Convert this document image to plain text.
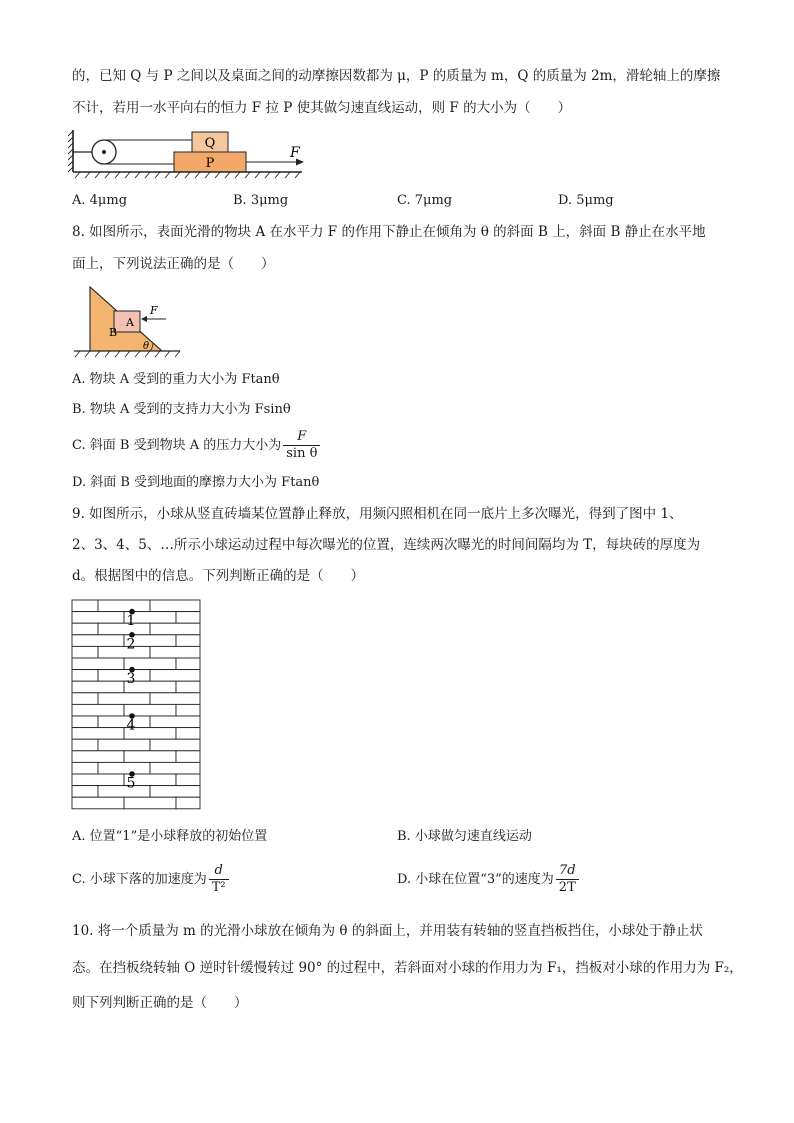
的，已知 Q 与 P 之间以及桌面之间的动摩擦因数都为 μ，P 的质量为 m，Q 的质量为 2m，滑轮轴上的摩擦
不计，若用一水平向右的恒力 F 拉 P 使其做匀速直线运动，则 F 的大小为（　　）
Q
P
F
A. 4μmg	B. 3μmg	C. 7μmg	D. 5μmg
8. 如图所示，表面光滑的物块 A 在水平力 F 的作用下静止在倾角为 θ 的斜面 B 上，斜面 B 静止在水平地
面上，下列说法正确的是（　　）
A
B
F
θ
A. 物块 A 受到的重力大小为 Ftanθ
B. 物块 A 受到的支持力大小为 Fsinθ
C. 斜面 B 受到物块 A 的压力大小为 $\frac{F}{\text{sin θ}}$
D. 斜面 B 受到地面的摩擦力大小为 Ftanθ
9. 如图所示，小球从竖直砖墙某位置静止释放，用频闪照相机在同一底片上多次曝光，得到了图中 1、
2、3、4、5、…所示小球运动过程中每次曝光的位置，连续两次曝光的时间间隔均为 T，每块砖的厚度为
d。根据图中的信息。下列判断正确的是（　　）
1
2
3
4
5
A. 位置“1”是小球释放的初始位置	B. 小球做匀速直线运动
C. 小球下落的加速度为 $\frac{d}{\text{T²}}$	D. 小球在位置“3”的速度为 $\frac{7d}{2T}$
10. 将一个质量为 m 的光滑小球放在倾角为 θ 的斜面上，并用装有转轴的竖直挡板挡住，小球处于静止状
态。在挡板绕转轴 O 逆时针缓慢转过 90° 的过程中，若斜面对小球的作用力为 F₁，挡板对小球的作用力为 F₂，
则下列判断正确的是（　　）
